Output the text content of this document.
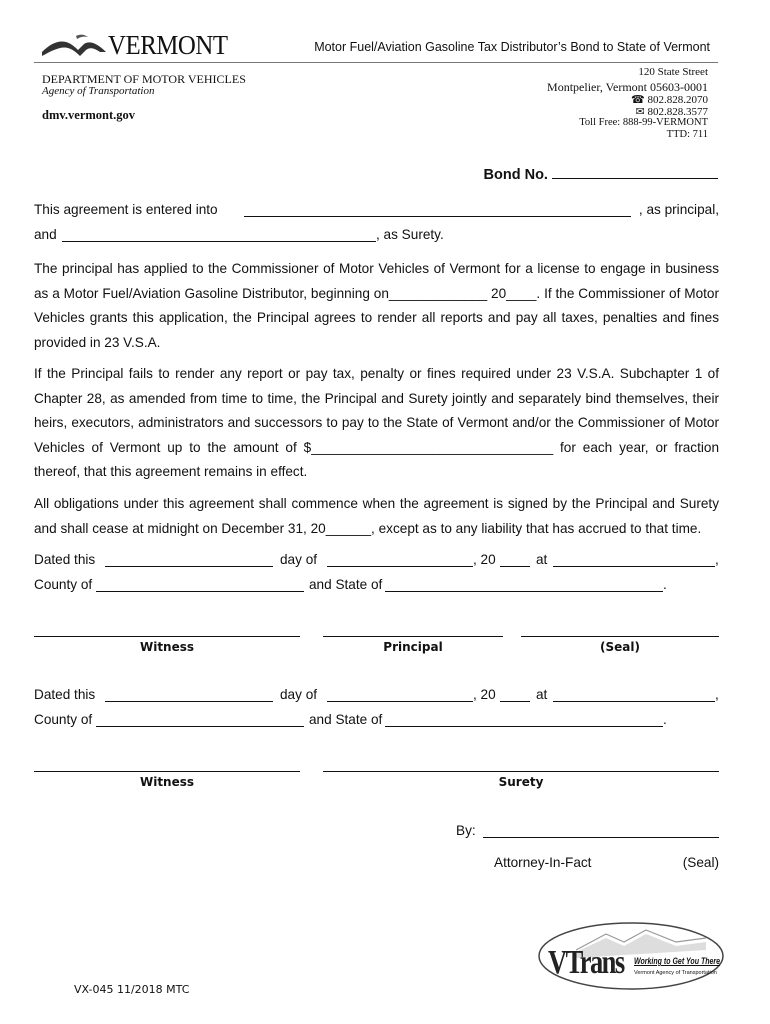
VERMONT	Motor Fuel/Aviation Gasoline Tax Distributor’s Bond to State of Vermont
DEPARTMENT OF MOTOR VEHICLES
Agency of Transportation
dmv.vermont.gov
120 State Street
Montpelier, Vermont 05603-0001
☎ 802.828.2070
✉ 802.828.3577
Toll Free: 888-99-VERMONT
TTD: 711
Bond No.
This agreement is entered into	, as principal,
and	, as Surety.
The principal has applied to the Commissioner of Motor Vehicles of Vermont for a license to engage in business as a Motor Fuel/Aviation Gasoline Distributor, beginning on_____________ 20____. If the Commissioner of Motor Vehicles grants this application, the Principal agrees to render all reports and pay all taxes, penalties and fines provided in 23 V.S.A.
If the Principal fails to render any report or pay tax, penalty or fines required under 23 V.S.A. Subchapter 1 of Chapter 28, as amended from time to time, the Principal and Surety jointly and separately bind themselves, their heirs, executors, administrators and successors to pay to the State of Vermont and/or the Commissioner of Motor Vehicles of Vermont up to the amount of $________________________________ for each year, or fraction thereof, that this agreement remains in effect.
All obligations under this agreement shall commence when the agreement is signed by the Principal and Surety and shall cease at midnight on December 31, 20______, except as to any liability that has accrued to that time.
Dated this	day of	, 20	at	,
County of	and State of	.
Witness	Principal	(Seal)
Dated this	day of	, 20	at	,
County of	and State of	.
Witness	Surety
By:
Attorney-In-Fact	(Seal)
VX-045 11/2018 MTC
VTrans Working to Get You There
Vermont Agency of Transportation
